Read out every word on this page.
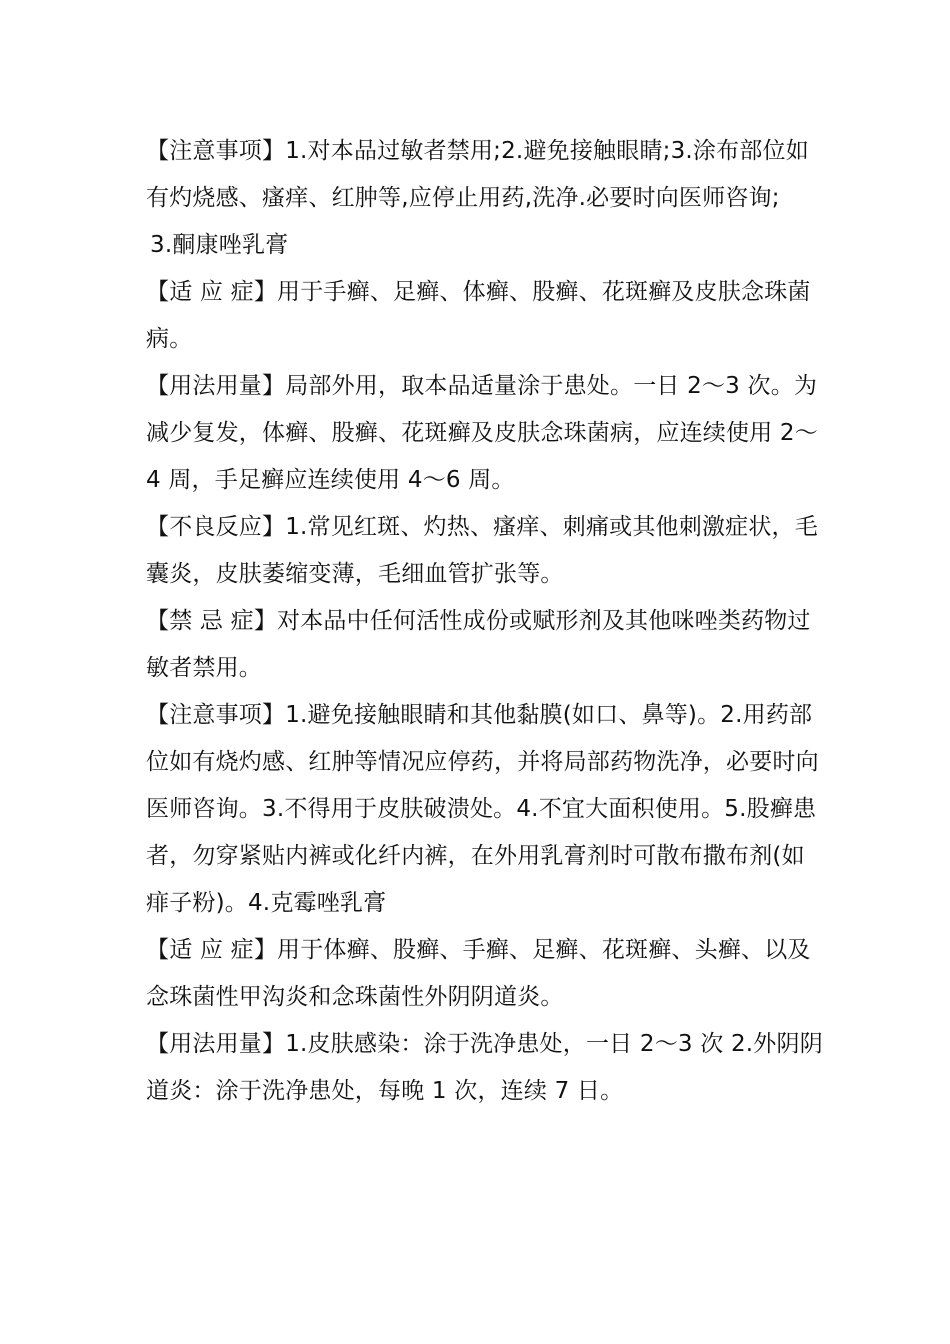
【注意事项】1.对本品过敏者禁用;2.避免接触眼睛;3.涂布部位如有灼烧感、瘙痒、红肿等,应停止用药,洗净.必要时向医师咨询;

3.酮康唑乳膏

【适 应 症】用于手癣、足癣、体癣、股癣、花斑癣及皮肤念珠菌病。

【用法用量】局部外用，取本品适量涂于患处。一日 2～3 次。为减少复发，体癣、股癣、花斑癣及皮肤念珠菌病，应连续使用 2～4 周，手足癣应连续使用 4～6 周。

【不良反应】1.常见红斑、灼热、瘙痒、刺痛或其他刺激症状，毛囊炎，皮肤萎缩变薄，毛细血管扩张等。

【禁 忌 症】对本品中任何活性成份或赋形剂及其他咪唑类药物过敏者禁用。

【注意事项】1.避免接触眼睛和其他黏膜(如口、鼻等)。2.用药部位如有烧灼感、红肿等情况应停药，并将局部药物洗净，必要时向医师咨询。3.不得用于皮肤破溃处。4.不宜大面积使用。5.股癣患者，勿穿紧贴内裤或化纤内裤，在外用乳膏剂时可散布撒布剂(如痱子粉)。4.克霉唑乳膏

【适 应 症】用于体癣、股癣、手癣、足癣、花斑癣、头癣、以及念珠菌性甲沟炎和念珠菌性外阴阴道炎。

【用法用量】1.皮肤感染：涂于洗净患处，一日 2～3 次 2.外阴阴道炎：涂于洗净患处，每晚 1 次，连续 7 日。
